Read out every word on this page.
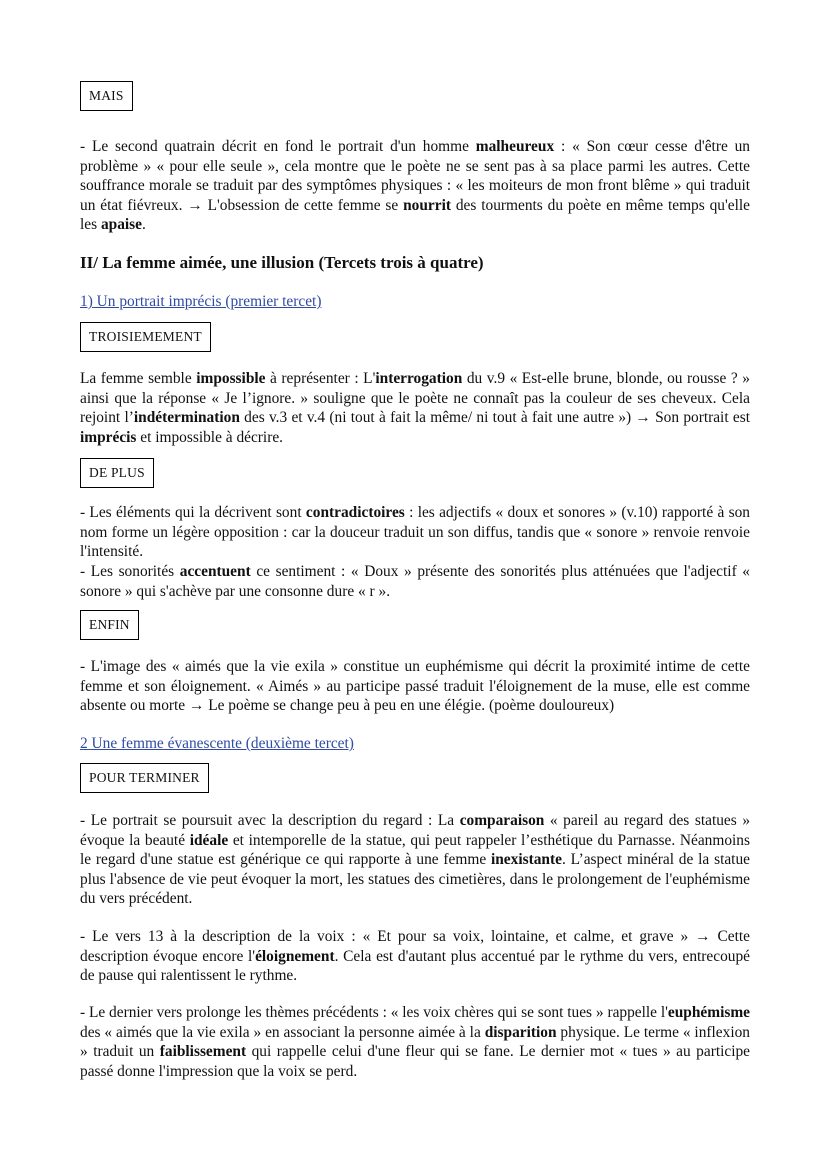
MAIS

- Le second quatrain décrit en fond le portrait d'un homme malheureux : « Son cœur cesse d'être un problème » « pour elle seule », cela montre que le poète ne se sent pas à sa place parmi les autres. Cette souffrance morale se traduit par des symptômes physiques : « les moiteurs de mon front blême » qui traduit un état fiévreux. → L'obsession de cette femme se nourrit des tourments du poète en même temps qu'elle les apaise.

II/ La femme aimée, une illusion (Tercets trois à quatre)
1) Un portrait imprécis (premier tercet)
TROISIEMEMENT

La femme semble impossible à représenter : L'interrogation du v.9 « Est-elle brune, blonde, ou rousse ? » ainsi que la réponse « Je l’ignore. » souligne que le poète ne connaît pas la couleur de ses cheveux. Cela rejoint l’indétermination des v.3 et v.4 (ni tout à fait la même/ ni tout à fait une autre ») → Son portrait est imprécis et impossible à décrire.

DE PLUS

- Les éléments qui la décrivent sont contradictoires : les adjectifs « doux et sonores » (v.10) rapporté à son nom forme un légère opposition : car la douceur traduit un son diffus, tandis que « sonore » renvoie renvoie l'intensité.

- Les sonorités accentuent ce sentiment : « Doux » présente des sonorités plus atténuées que l'adjectif « sonore » qui s'achève par une consonne dure « r ».

ENFIN

- L'image des « aimés que la vie exila » constitue un euphémisme qui décrit la proximité intime de cette femme et son éloignement. « Aimés » au participe passé traduit l'éloignement de la muse, elle est comme absente ou morte → Le poème se change peu à peu en une élégie. (poème douloureux)

2 Une femme évanescente (deuxième tercet)
POUR TERMINER

- Le portrait se poursuit avec la description du regard : La comparaison « pareil au regard des statues » évoque la beauté idéale et intemporelle de la statue, qui peut rappeler l’esthétique du Parnasse. Néanmoins le regard d'une statue est générique ce qui rapporte à une femme inexistante. L’aspect minéral de la statue plus l'absence de vie peut évoquer la mort, les statues des cimetières, dans le prolongement de l'euphémisme du vers précédent.

- Le vers 13 à la description de la voix : « Et pour sa voix, lointaine, et calme, et grave » → Cette description évoque encore l'éloignement. Cela est d'autant plus accentué par le rythme du vers, entrecoupé de pause qui ralentissent le rythme.

- Le dernier vers prolonge les thèmes précédents : « les voix chères qui se sont tues » rappelle l'euphémisme des « aimés que la vie exila » en associant la personne aimée à la disparition physique. Le terme « inflexion » traduit un faiblissement qui rappelle celui d'une fleur qui se fane. Le dernier mot « tues » au participe passé donne l'impression que la voix se perd.
